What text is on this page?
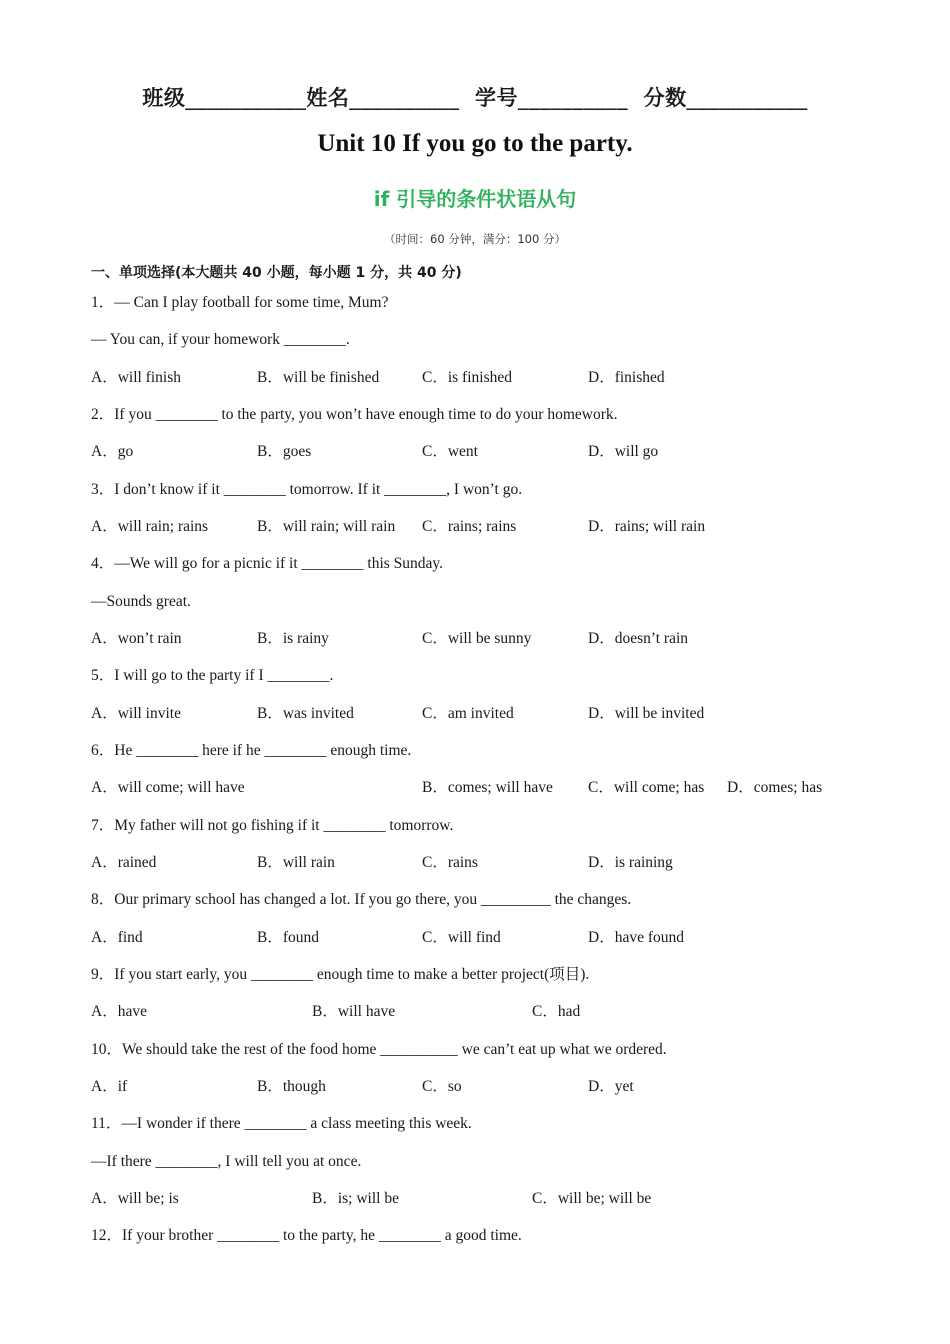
班级___________姓名__________ 学号__________ 分数___________
Unit 10 If you go to the party.
if 引导的条件状语从句
（时间：60 分钟，满分：100 分）
一、单项选择(本大题共 40 小题，每小题 1 分，共 40 分)
1．— Can I play football for some time, Mum?
— You can, if your homework ________.
A．will finish	B．will be finished	C．is finished	D．finished
2．If you ________ to the party, you won’t have enough time to do your homework.
A．go	B．goes	C．went	D．will go
3．I don’t know if it ________ tomorrow. If it ________, I won’t go.
A．will rain; rains	B．will rain; will rain C．rains; rains	D．rains; will rain
4．—We will go for a picnic if it ________ this Sunday.
—Sounds great.
A．won’t rain	B．is rainy	C．will be sunny	D．doesn’t rain
5．I will go to the party if I ________.
A．will invite	B．was invited	C．am invited	D．will be invited
6．He ________ here if he ________ enough time.
A．will come; will have	B．comes; will have C．will come; has D．comes; has
7．My father will not go fishing if it ________ tomorrow.
A．rained	B．will rain	C．rains	D．is raining
8．Our primary school has changed a lot. If you go there, you _________ the changes.
A．find	B．found	C．will find	D．have found
9．If you start early, you ________ enough time to make a better project(项目).
A．have	B．will have	C．had
10．We should take the rest of the food home __________ we can’t eat up what we ordered.
A．if	B．though	C．so	D．yet
11．—I wonder if there ________ a class meeting this week.
—If there ________, I will tell you at once.
A．will be; is	B．is; will be	C．will be; will be
12．If your brother ________ to the party, he ________ a good time.
